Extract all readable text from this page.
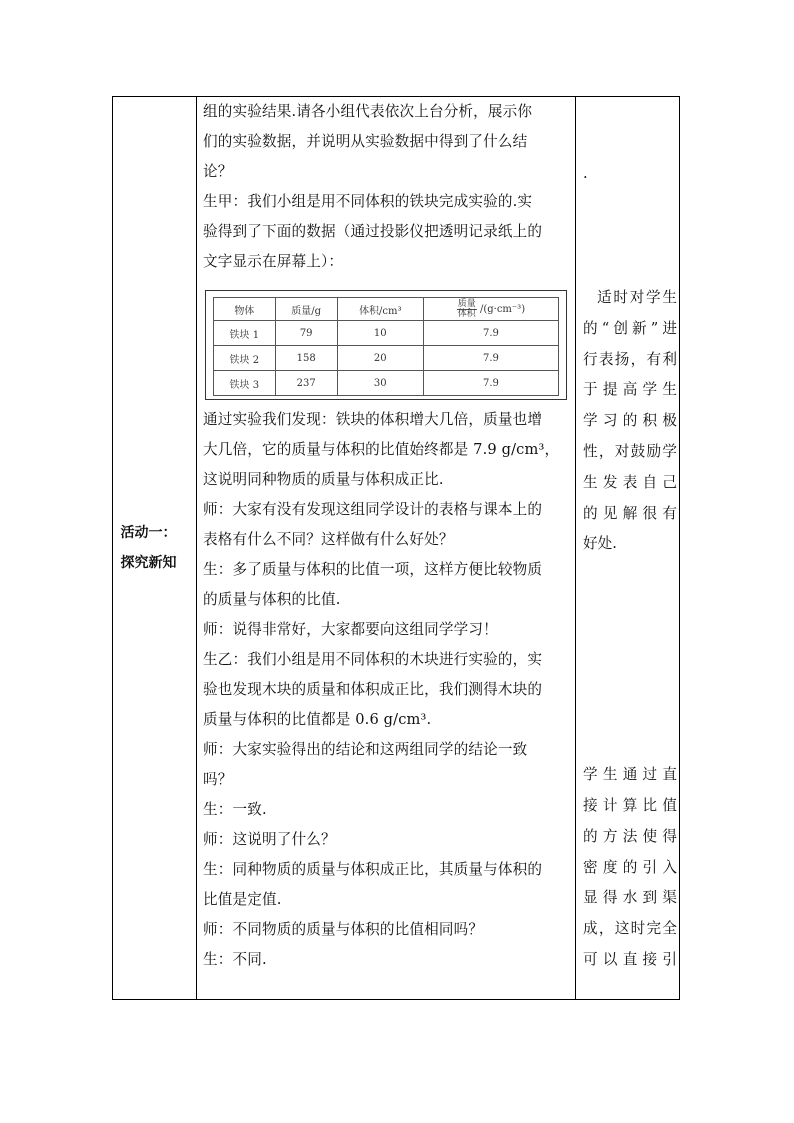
活动一：
探究新知
组的实验结果.请各小组代表依次上台分析，展示你
们的实验数据，并说明从实验数据中得到了什么结
论？
生甲：我们小组是用不同体积的铁块完成实验的.实
验得到了下面的数据（通过投影仪把透明记录纸上的
文字显示在屏幕上）：
通过实验我们发现：铁块的体积增大几倍，质量也增
大几倍，它的质量与体积的比值始终都是 7.9 g/cm³，
这说明同种物质的质量与体积成正比.
师：大家有没有发现这组同学设计的表格与课本上的
表格有什么不同？这样做有什么好处？
生：多了质量与体积的比值一项，这样方便比较物质
的质量与体积的比值.
师：说得非常好，大家都要向这组同学学习！
生乙：我们小组是用不同体积的木块进行实验的，实
验也发现木块的质量和体积成正比，我们测得木块的
质量与体积的比值都是 0.6 g/cm³.
师：大家实验得出的结论和这两组同学的结论一致
吗？
生：一致.
师：这说明了什么？
生：同种物质的质量与体积成正比，其质量与体积的
比值是定值.
师：不同物质的质量与体积的比值相同吗？
生：不同.
物体	质量/g	体积/cm³	$\frac{\text{质量}}{\text{体积}} /(g\cdot cm^{-3})$
铁块 1	79	10	7.9
铁块 2	158	20	7.9
铁块 3	237	30	7.9
.
适时对学生
的“创新”进
行表扬，有利
于提高学生
学习的积极
性，对鼓励学
生发表自己
的见解很有
好处.
学生通过直
接计算比值
的方法使得
密度的引入
显得水到渠
成，这时完全
可以直接引
